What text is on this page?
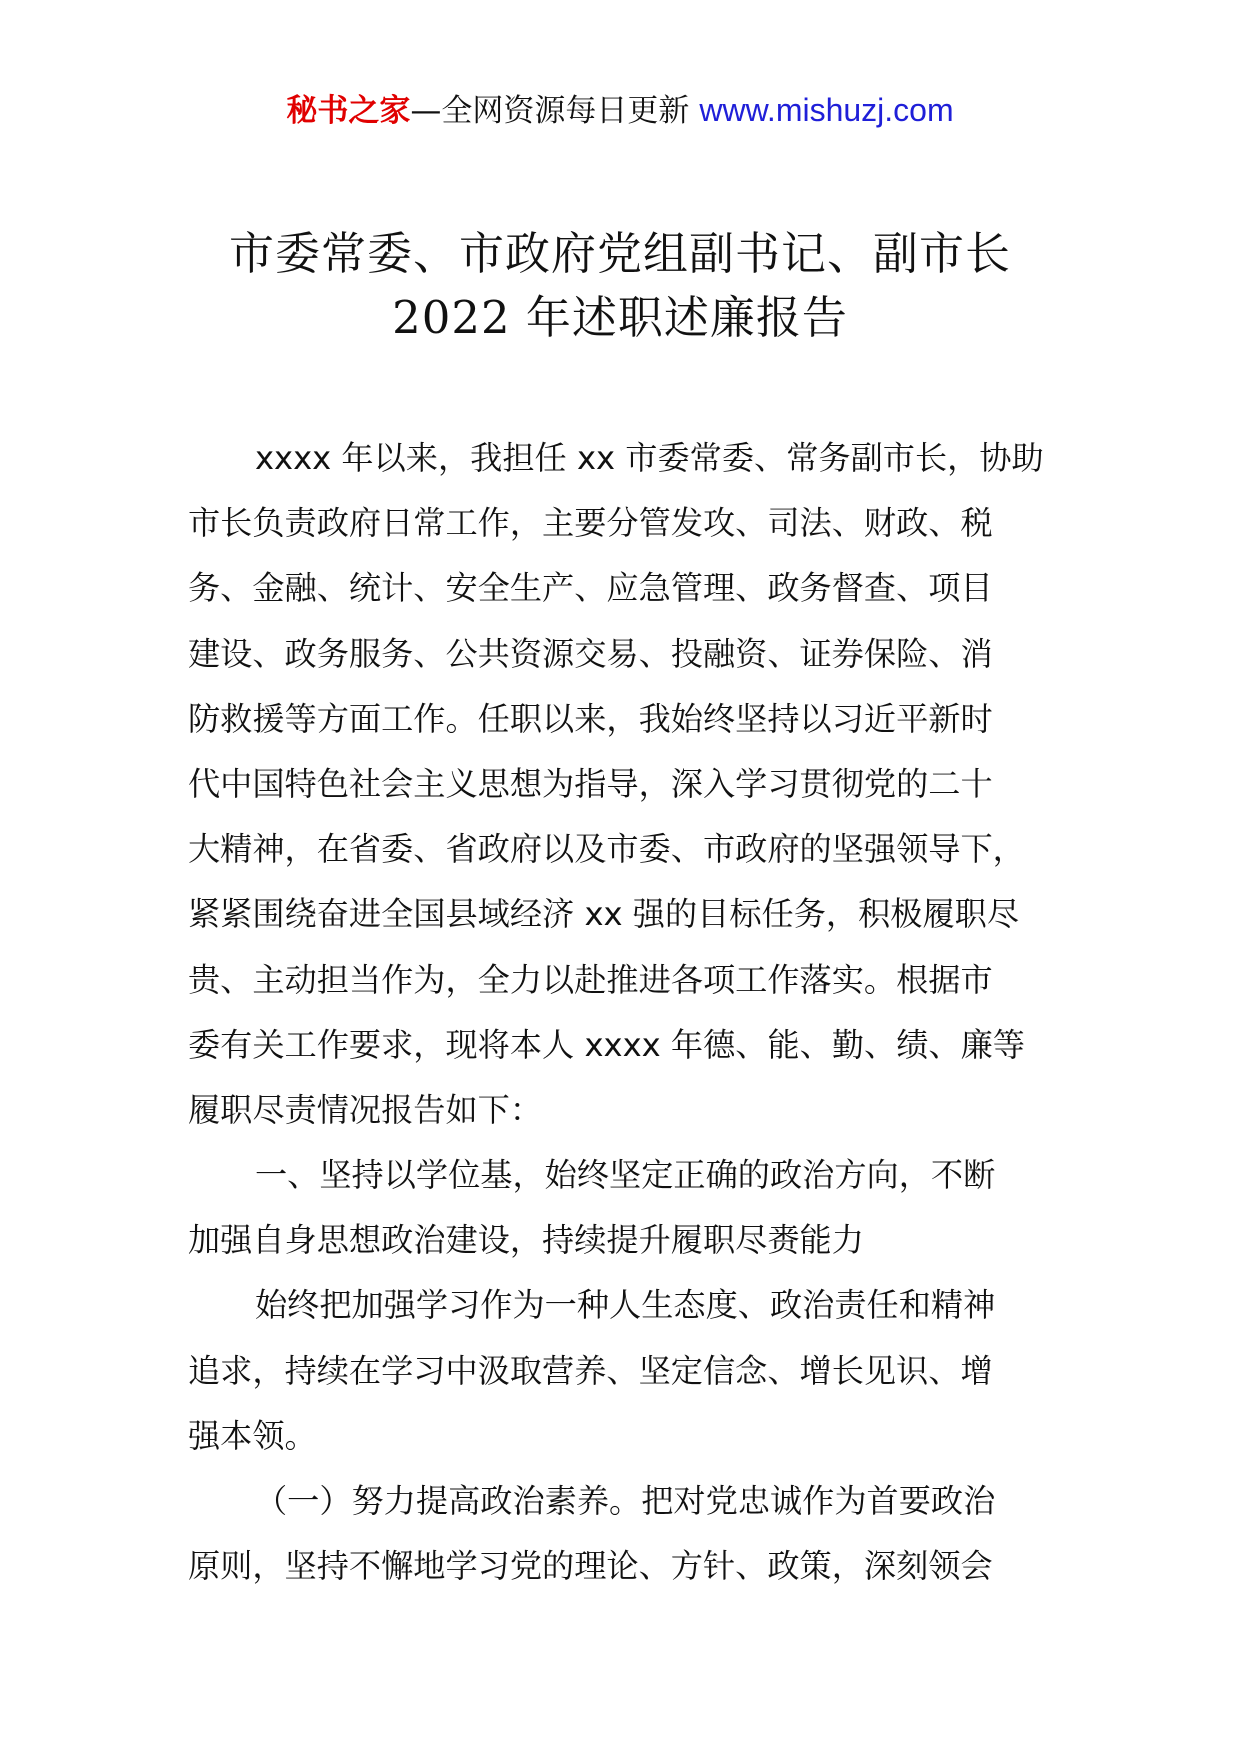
秘书之家—全网资源每日更新 www.mishuzj.com
市委常委、市政府党组副书记、副市长
2022 年述职述廉报告
xxxx 年以来，我担任 xx 市委常委、常务副市长，协助
市长负责政府日常工作，主要分管发攻、司法、财政、税
务、金融、统计、安全生产、应急管理、政务督查、项目
建设、政务服务、公共资源交易、投融资、证券保险、消
防救援等方面工作。任职以来，我始终坚持以习近平新时
代中国特色社会主义思想为指导，深入学习贯彻党的二十
大精神，在省委、省政府以及市委、市政府的坚强领导下，
紧紧围绕奋进全国县域经济 xx 强的目标任务，积极履职尽
贵、主动担当作为，全力以赴推进各项工作落实。根据市
委有关工作要求，现将本人 xxxx 年德、能、勤、绩、廉等
履职尽责情况报告如下：
一、坚持以学位基，始终坚定正确的政治方向，不断
加强自身思想政治建设，持续提升履职尽赉能力
始终把加强学习作为一种人生态度、政治责任和精神
追求，持续在学习中汲取营养、坚定信念、增长见识、增
强本领。
（一）努力提高政治素养。把对党忠诚作为首要政治
原则，坚持不懈地学习党的理论、方针、政策，深刻领会
